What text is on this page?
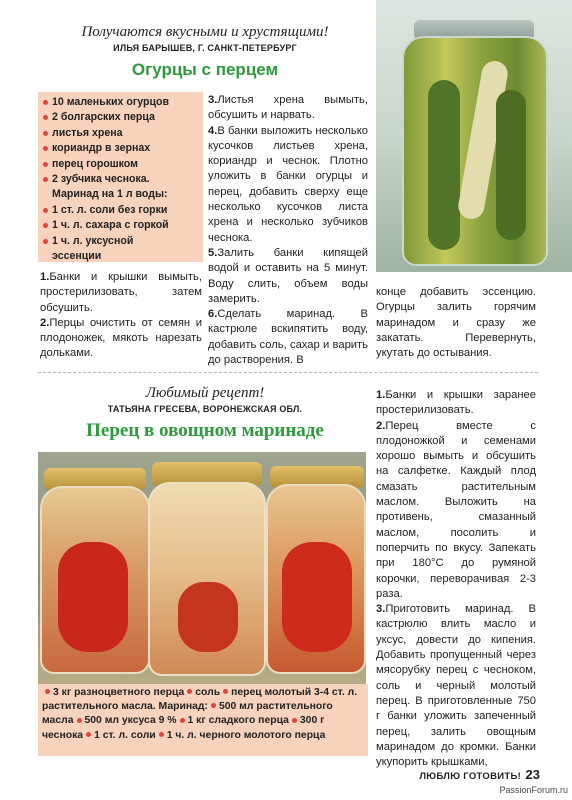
Получаются вкусными и хрустящими!
ИЛЬЯ БАРЫШЕВ, Г. САНКТ-ПЕТЕРБУРГ
Огурцы с перцем
10 маленьких огурцов
2 болгарских перца
листья хрена
кориандр в зернах
перец горошком
2 зубчика чеснока.
Маринад на 1 л воды:
1 ст. л. соли без горки
1 ч. л. сахара с горкой
1 ч. л. уксусной
эссенции

1.Банки и крышки вымыть, простерилизовать, затем обсушить.

2.Перцы очистить от семян и плодоножек, мякоть нарезать дольками.

3.Листья хрена вымыть, обсушить и нарвать.

4.В банки выложить несколько кусочков листьев хрена, кориандр и чеснок. Плотно уложить в банки огурцы и перец, добавить сверху еще несколько кусочков листа хрена и несколько зубчиков чеснока.

5.Залить банки кипящей водой и оставить на 5 минут. Воду слить, объем воды замерить.

6.Сделать маринад. В кастрюле вскипятить воду, добавить соль, сахар и варить до растворения. В

конце добавить эссенцию. Огурцы залить горячим маринадом и сразу же закатать. Перевернуть, укутать до остывания.
Любимый рецепт!
ТАТЬЯНА ГРЕСЕВА, ВОРОНЕЖСКАЯ ОБЛ.
Перец в овощном маринаде
3 кг разноцветного перца соль перец молотый 3-4 ст. л. растительного масла. Маринад: 500 мл растительного масла 500 мл уксуса 9 % 1 кг сладкого перца 300 г чеснока 1 ст. л. соли 1 ч. л. черного молотого перца

1.Банки и крышки заранее простерилизовать.

2.Перец вместе с плодоножкой и семенами хорошо вымыть и обсушить на салфетке. Каждый плод смазать растительным маслом. Выложить на противень, смазанный маслом, посолить и поперчить по вкусу. Запекать при 180°С до румяной корочки, переворачивая 2-3 раза.

3.Приготовить маринад. В кастрюлю влить масло и уксус, довести до кипения. Добавить пропущенный через мясорубку перец с чесноком, соль и черный молотый перец. В приготовленные 750 г банки уложить запеченный перец, залить овощным маринадом до кромки. Банки укупорить крышками,

ЛЮБЛЮ ГОТОВИТЬ! 23
PassionForum.ru
